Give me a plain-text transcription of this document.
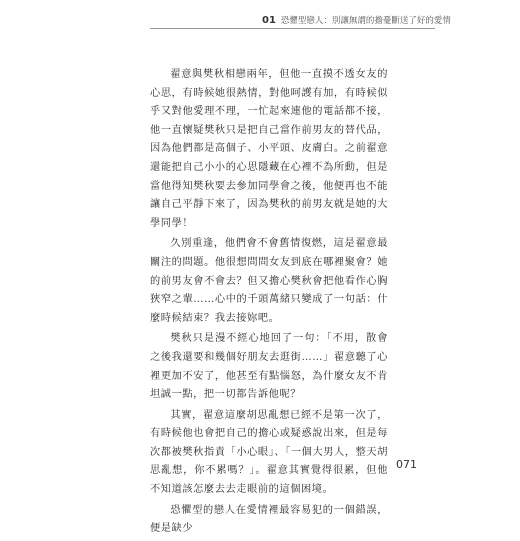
01 恐懼型戀人：別讓無謂的擔憂斷送了好的愛情

翟意與樊秋相戀兩年，但他一直摸不透女友的心思，有時候她很熱情，對他呵護有加，有時候似乎又對他愛理不理，一忙起來連他的電話都不接，他一直懷疑樊秋只是把自己當作前男友的替代品，因為他們都是高個子、小平頭、皮膚白。之前翟意還能把自己小小的心思隱藏在心裡不為所動，但是當他得知樊秋要去參加同學會之後，他便再也不能讓自己平靜下來了，因為樊秋的前男友就是她的大學同學！

久別重逢，他們會不會舊情復燃，這是翟意最關注的問題。他很想問問女友到底在哪裡聚會？她的前男友會不會去？但又擔心樊秋會把他看作心胸狹窄之輩……心中的千頭萬緒只變成了一句話：什麼時候結束？我去接妳吧。

樊秋只是漫不經心地回了一句：「不用，散會之後我還要和幾個好朋友去逛街……」翟意聽了心裡更加不安了，他甚至有點惱怒，為什麼女友不肯坦誠一點，把一切都告訴他呢？

其實，翟意這麼胡思亂想已經不是第一次了，有時候他也會把自己的擔心或疑惑說出來，但是每次都被樊秋指責「小心眼」、「一個大男人，整天胡思亂想，你不累嗎？」。翟意其實覺得很累，但他不知道該怎麼去去走眼前的這個困境。

恐懼型的戀人在愛情裡最容易犯的一個錯誤，便是缺少

071
